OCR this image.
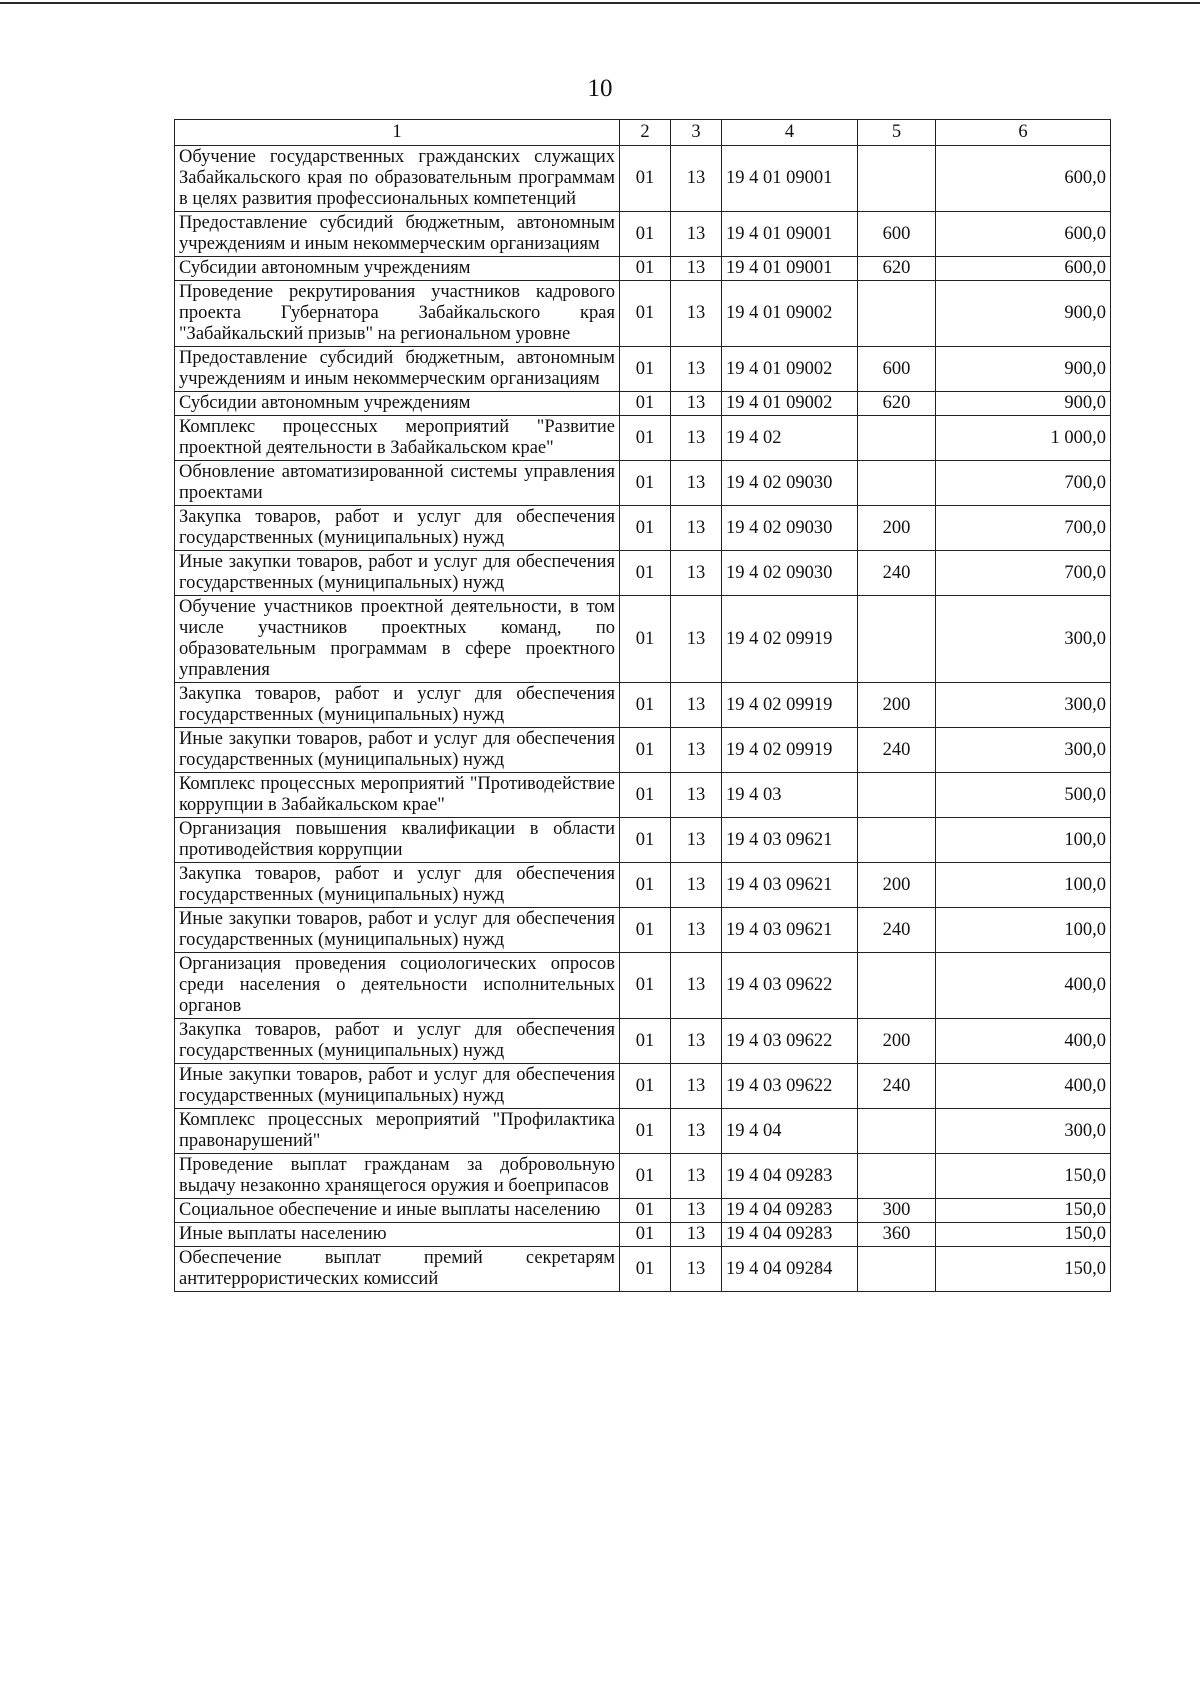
10
1	2	3	4	5	6
Обучение государственных гражданских служащих Забайкальского края по образовательным программам в целях развития профессиональных компетенций	01	13	19 4 01 09001		600,0
Предоставление субсидий бюджетным, автономным учреждениям и иным некоммерческим организациям	01	13	19 4 01 09001	600	600,0
Субсидии автономным учреждениям	01	13	19 4 01 09001	620	600,0
Проведение рекрутирования участников кадрового проекта Губернатора Забайкальского края "Забайкальский призыв" на региональном уровне	01	13	19 4 01 09002		900,0
Предоставление субсидий бюджетным, автономным учреждениям и иным некоммерческим организациям	01	13	19 4 01 09002	600	900,0
Субсидии автономным учреждениям	01	13	19 4 01 09002	620	900,0
Комплекс процессных мероприятий "Развитие проектной деятельности в Забайкальском крае"	01	13	19 4 02		1 000,0
Обновление автоматизированной системы управления проектами	01	13	19 4 02 09030		700,0
Закупка товаров, работ и услуг для обеспечения государственных (муниципальных) нужд	01	13	19 4 02 09030	200	700,0
Иные закупки товаров, работ и услуг для обеспечения государственных (муниципальных) нужд	01	13	19 4 02 09030	240	700,0
Обучение участников проектной деятельности, в том числе участников проектных команд, по образовательным программам в сфере проектного управления	01	13	19 4 02 09919		300,0
Закупка товаров, работ и услуг для обеспечения государственных (муниципальных) нужд	01	13	19 4 02 09919	200	300,0
Иные закупки товаров, работ и услуг для обеспечения государственных (муниципальных) нужд	01	13	19 4 02 09919	240	300,0
Комплекс процессных мероприятий "Противодействие коррупции в Забайкальском крае"	01	13	19 4 03		500,0
Организация повышения квалификации в области противодействия коррупции	01	13	19 4 03 09621		100,0
Закупка товаров, работ и услуг для обеспечения государственных (муниципальных) нужд	01	13	19 4 03 09621	200	100,0
Иные закупки товаров, работ и услуг для обеспечения государственных (муниципальных) нужд	01	13	19 4 03 09621	240	100,0
Организация проведения социологических опросов среди населения о деятельности исполнительных органов	01	13	19 4 03 09622		400,0
Закупка товаров, работ и услуг для обеспечения государственных (муниципальных) нужд	01	13	19 4 03 09622	200	400,0
Иные закупки товаров, работ и услуг для обеспечения государственных (муниципальных) нужд	01	13	19 4 03 09622	240	400,0
Комплекс процессных мероприятий "Профилактика правонарушений"	01	13	19 4 04		300,0
Проведение выплат гражданам за добровольную выдачу незаконно хранящегося оружия и боеприпасов	01	13	19 4 04 09283		150,0
Социальное обеспечение и иные выплаты населению	01	13	19 4 04 09283	300	150,0
Иные выплаты населению	01	13	19 4 04 09283	360	150,0
Обеспечение выплат премий секретарям антитеррористических комиссий	01	13	19 4 04 09284		150,0
